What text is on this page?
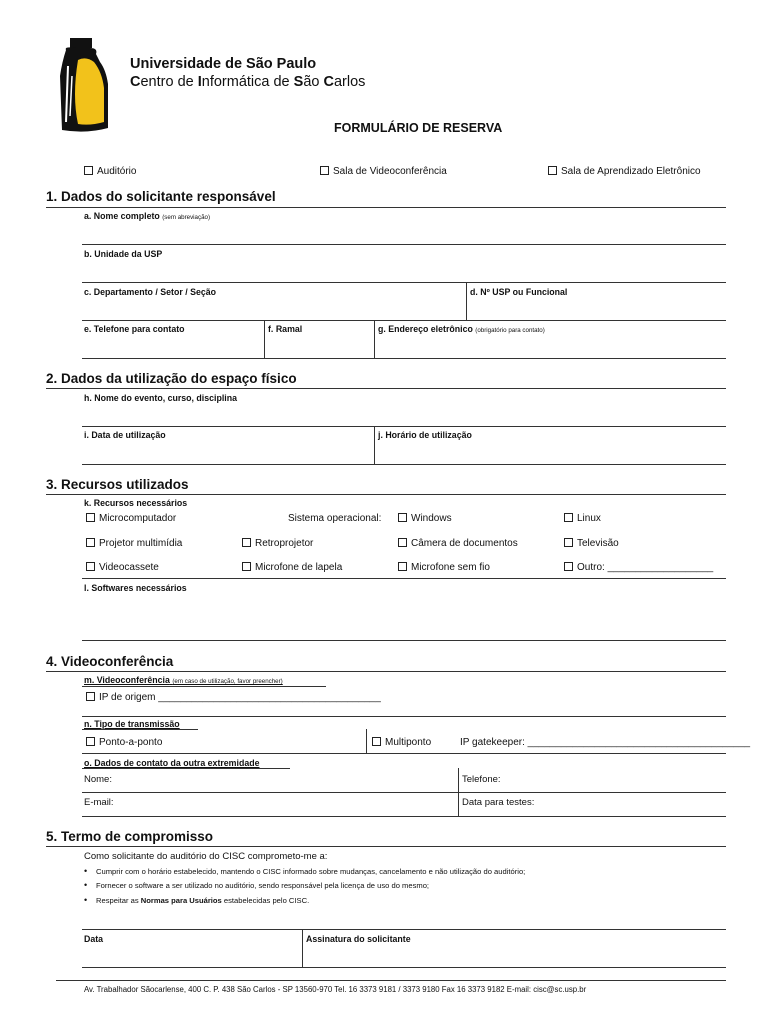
Universidade de São Paulo
Centro de Informática de São Carlos
FORMULÁRIO DE RESERVA
Auditório	Sala de Videoconferência	Sala de Aprendizado Eletrônico
1. Dados do solicitante responsável
a. Nome completo (sem abreviação)
b. Unidade da USP
c. Departamento / Setor / Seção	d. Nº USP ou Funcional
e. Telefone para contato	f. Ramal	g. Endereço eletrônico (obrigatório para contato)
2. Dados da utilização do espaço físico
h. Nome do evento, curso, disciplina
i. Data de utilização	j. Horário de utilização
3. Recursos utilizados
k. Recursos necessários
Microcomputador	Sistema operacional:	Windows	Linux
Projetor multimídia	Retroprojetor	Câmera de documentos	Televisão
Videocassete	Microfone de lapela	Microfone sem fio	Outro: ___________________
l. Softwares necessários
4. Videoconferência
m. Videoconferência (em caso de utilização, favor preencher)
IP de origem ________________________________________
n. Tipo de transmissão
Ponto-a-ponto	Multiponto	IP gatekeeper: ________________________________________
o. Dados de contato da outra extremidade
Nome:	Telefone:
E-mail:	Data para testes:
5. Termo de compromisso
Como solicitante do auditório do CISC comprometo-me a:
• Cumprir com o horário estabelecido, mantendo o CISC informado sobre mudanças, cancelamento e não utilização do auditório;
• Fornecer o software a ser utilizado no auditório, sendo responsável pela licença de uso do mesmo;
• Respeitar as Normas para Usuários estabelecidas pelo CISC.
Data	Assinatura do solicitante
Av. Trabalhador Sãocarlense, 400 C. P. 438 São Carlos - SP 13560-970 Tel. 16 3373 9181 / 3373 9180 Fax 16 3373 9182 E-mail: cisc@sc.usp.br
